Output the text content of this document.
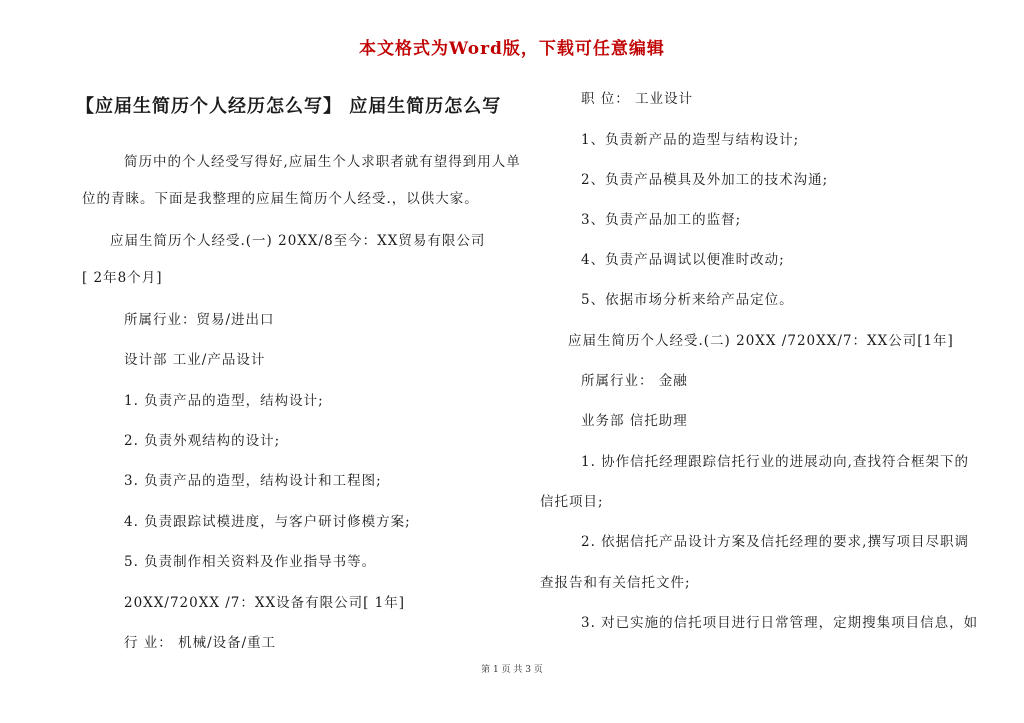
本文格式为Word版，下载可任意编辑
【应届生简历个人经历怎么写】 应届生简历怎么写
简历中的个人经受写得好,应届生个人求职者就有望得到用人单
位的青睐。下面是我整理的应届生简历个人经受.，以供大家。
应届生简历个人经受.(一) 20XX/8至今：XX贸易有限公司
[ 2年8个月]
所属行业：贸易/进出口
设计部 工业/产品设计
1. 负责产品的造型，结构设计;
2. 负责外观结构的设计;
3. 负责产品的造型，结构设计和工程图;
4. 负责跟踪试模进度，与客户研讨修模方案;
5. 负责制作相关资料及作业指导书等。
20XX/720XX /7：XX设备有限公司[ 1年]
行 业： 机械/设备/重工
职 位： 工业设计
1、负责新产品的造型与结构设计;
2、负责产品模具及外加工的技术沟通;
3、负责产品加工的监督;
4、负责产品调试以便准时改动;
5、依据市场分析来给产品定位。
应届生简历个人经受.(二) 20XX /720XX/7：XX公司[1年]
所属行业： 金融
业务部 信托助理
1. 协作信托经理跟踪信托行业的进展动向,查找符合框架下的
信托项目;
2. 依据信托产品设计方案及信托经理的要求,撰写项目尽职调
查报告和有关信托文件;
3. 对已实施的信托项目进行日常管理，定期搜集项目信息，如
第 1 页 共 3 页
